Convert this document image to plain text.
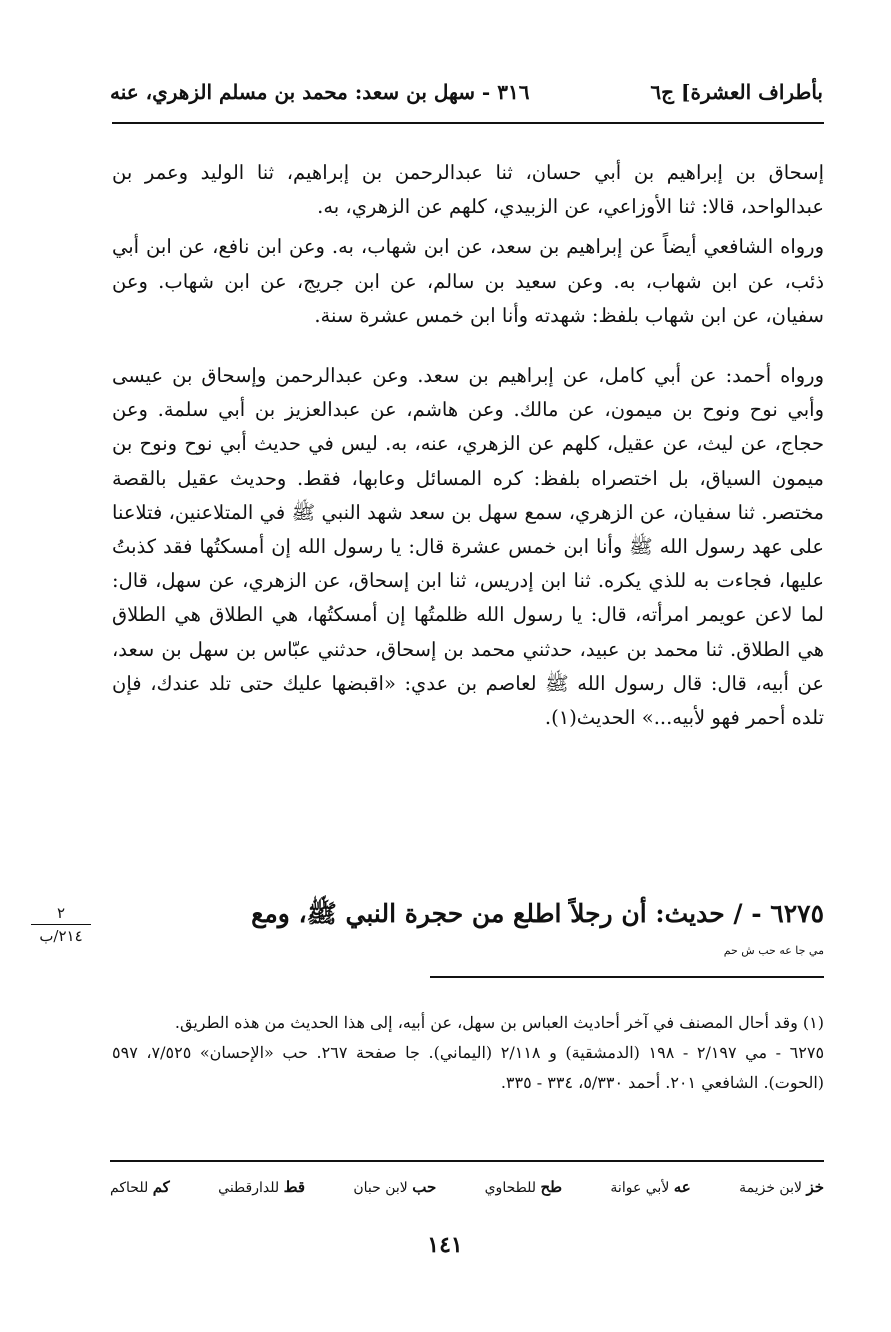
بأطراف العشرة] ج٦
٣١٦ - سهل بن سعد: محمد بن مسلم الزهري، عنه

إسحاق بن إبراهيم بن أبي حسان، ثنا عبدالرحمن بن إبراهيم، ثنا الوليد وعمر بن عبدالواحد، قالا: ثنا الأوزاعي، عن الزبيدي، كلهم عن الزهري، به.

ورواه الشافعي أيضاً عن إبراهيم بن سعد، عن ابن شهاب، به. وعن ابن نافع، عن ابن أبي ذئب، عن ابن شهاب، به. وعن سعيد بن سالم، عن ابن جريج، عن ابن شهاب. وعن سفيان، عن ابن شهاب بلفظ: شهدته وأنا ابن خمس عشرة سنة.

ورواه أحمد: عن أبي كامل، عن إبراهيم بن سعد. وعن عبدالرحمن وإسحاق بن عيسى وأبي نوح ونوح بن ميمون، عن مالك. وعن هاشم، عن عبدالعزيز بن أبي سلمة. وعن حجاج، عن ليث، عن عقيل، كلهم عن الزهري، عنه، به. ليس في حديث أبي نوح ونوح بن ميمون السياق، بل اختصراه بلفظ: كره المسائل وعابها، فقط. وحديث عقيل بالقصة مختصر. ثنا سفيان، عن الزهري، سمع سهل بن سعد شهد النبي ﷺ في المتلاعنين، فتلاعنا على عهد رسول الله ﷺ وأنا ابن خمس عشرة قال: يا رسول الله إن أمسكتُها فقد كذبتُ عليها، فجاءت به للذي يكره. ثنا ابن إدريس، ثنا ابن إسحاق، عن الزهري، عن سهل، قال: لما لاعن عويمر امرأته، قال: يا رسول الله ظلمتُها إن أمسكتُها، هي الطلاق هي الطلاق هي الطلاق. ثنا محمد بن عبيد، حدثني محمد بن إسحاق، حدثني عبّاس بن سهل بن سعد، عن أبيه، قال: قال رسول الله ﷺ لعاصم بن عدي: «اقبضها عليك حتى تلد عندك، فإن تلده أحمر فهو لأبيه...» الحديث(١).

٦٢٧٥ - / حديث: أن رجلاً اطلع من حجرة النبي ﷺ، ومع
مي جا عه حب ش حم
٢
٢١٤/ب

(١) وقد أحال المصنف في آخر أحاديث العباس بن سهل، عن أبيه، إلى هذا الحديث من هذه الطريق.

٦٢٧٥ - مي ٢/١٩٧ - ١٩٨ (الدمشقية) و ٢/١١٨ (اليماني). جا صفحة ٢٦٧. حب «الإحسان» ٧/٥٢٥، ٥٩٧ (الحوت). الشافعي ٢٠١. أحمد ٥/٣٣٠، ٣٣٤ - ٣٣٥.

خز لابن خزيمة
عه لأبي عوانة
طح للطحاوي
حب لابن حبان
قط للدارقطني
كم للحاكم
١٤١
